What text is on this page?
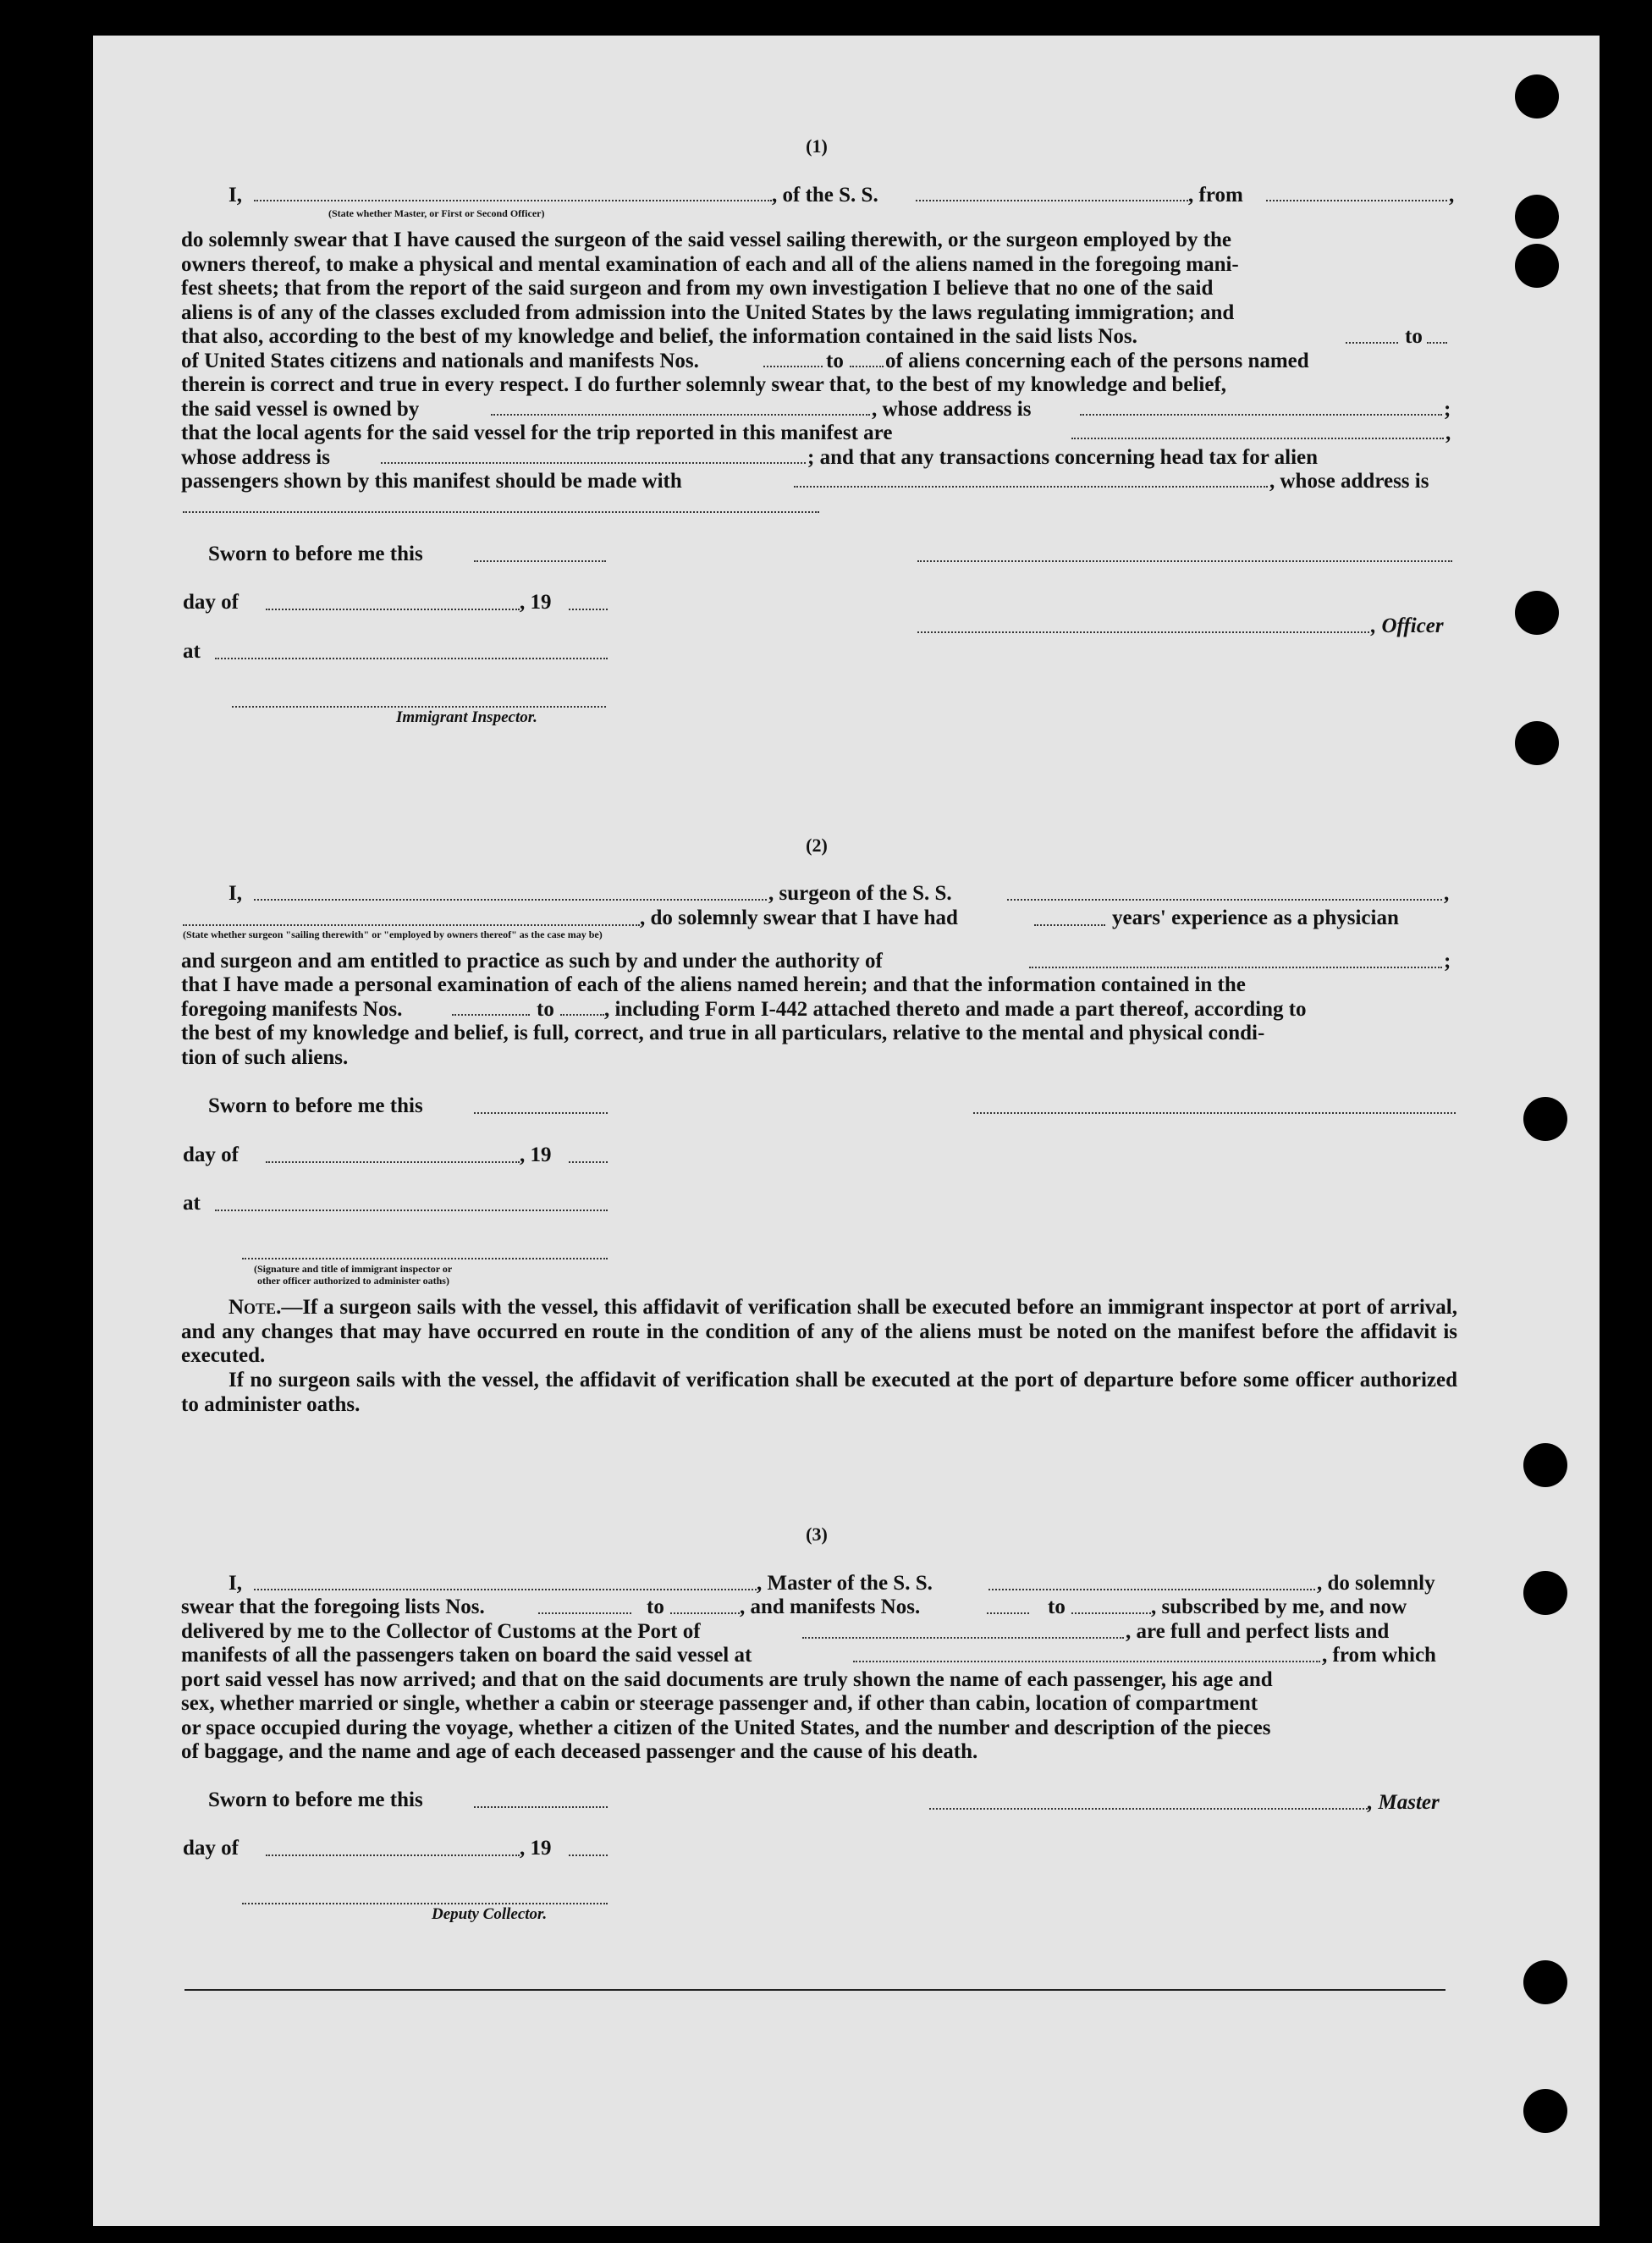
(1)
I,	, of the S. S.	, from	,
(State whether Master, or First or Second Officer)
do solemnly swear that I have caused the surgeon of the said vessel sailing therewith, or the surgeon employed by the
owners thereof, to make a physical and mental examination of each and all of the aliens named in the foregoing mani-
fest sheets; that from the report of the said surgeon and from my own investigation I believe that no one of the said
aliens is of any of the classes excluded from admission into the United States by the laws regulating immigration; and
that also, according to the best of my knowledge and belief, the information contained in the said lists Nos.	to
of United States citizens and nationals and manifests Nos.	to of aliens concerning each of the persons named
therein is correct and true in every respect. I do further solemnly swear that, to the best of my knowledge and belief,
the said vessel is owned by	, whose address is	;
that the local agents for the said vessel for the trip reported in this manifest are	,
whose address is	; and that any transactions concerning head tax for alien
passengers shown by this manifest should be made with	, whose address is
Sworn to before me this
day of	, 19
, Officer
at
Immigrant Inspector.
(2)
I,	, surgeon of the S. S.	,
, do solemnly swear that I have had	years' experience as a physician
(State whether surgeon "sailing therewith" or "employed by owners thereof" as the case may be)
and surgeon and am entitled to practice as such by and under the authority of	;
that I have made a personal examination of each of the aliens named herein; and that the information contained in the
foregoing manifests Nos.	to , including Form I-442 attached thereto and made a part thereof, according to
the best of my knowledge and belief, is full, correct, and true in all particulars, relative to the mental and physical condi-
tion of such aliens.
Sworn to before me this
day of	, 19
at
(Signature and title of immigrant inspector or
other officer authorized to administer oaths)
Note.—If a surgeon sails with the vessel, this affidavit of verification shall be executed before an immigrant inspector at port of arrival, and any changes that may have occurred en route in the condition of any of the aliens must be noted on the manifest before the affidavit is executed.
If no surgeon sails with the vessel, the affidavit of verification shall be executed at the port of departure before some officer authorized to administer oaths.
(3)
I,	, Master of the S. S.	, do solemnly
swear that the foregoing lists Nos.	to	, and manifests Nos.	to	, subscribed by me, and now
delivered by me to the Collector of Customs at the Port of	, are full and perfect lists and
manifests of all the passengers taken on board the said vessel at	, from which
port said vessel has now arrived; and that on the said documents are truly shown the name of each passenger, his age and
sex, whether married or single, whether a cabin or steerage passenger and, if other than cabin, location of compartment
or space occupied during the voyage, whether a citizen of the United States, and the number and description of the pieces
of baggage, and the name and age of each deceased passenger and the cause of his death.
Sworn to before me this	, Master
day of	, 19
Deputy Collector.
